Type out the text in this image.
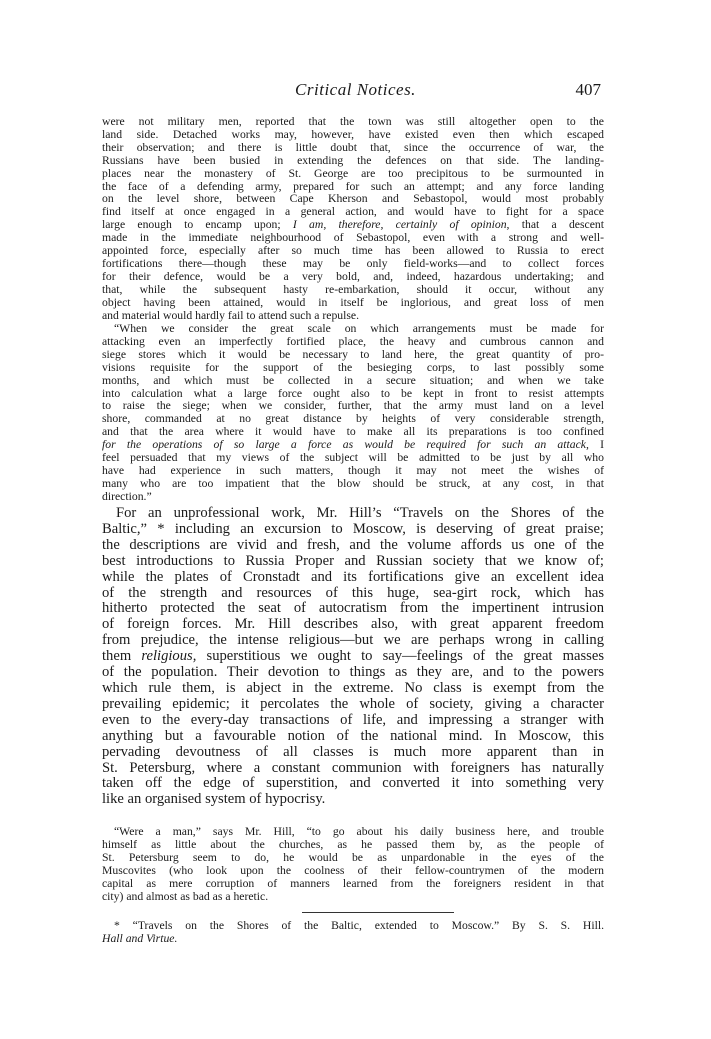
Critical Notices.	407
were not military men, reported that the town was still altogether open to the
land side. Detached works may, however, have existed even then which escaped
their observation; and there is little doubt that, since the occurrence of war, the
Russians have been busied in extending the defences on that side. The landing-
places near the monastery of St. George are too precipitous to be surmounted in
the face of a defending army, prepared for such an attempt; and any force landing
on the level shore, between Cape Kherson and Sebastopol, would most probably
find itself at once engaged in a general action, and would have to fight for a space
large enough to encamp upon; I am, therefore, certainly of opinion, that a descent
made in the immediate neighbourhood of Sebastopol, even with a strong and well-
appointed force, especially after so much time has been allowed to Russia to erect
fortifications there—though these may be only field-works—and to collect forces
for their defence, would be a very bold, and, indeed, hazardous undertaking; and
that, while the subsequent hasty re-embarkation, should it occur, without any
object having been attained, would in itself be inglorious, and great loss of men
and material would hardly fail to attend such a repulse.
“When we consider the great scale on which arrangements must be made for
attacking even an imperfectly fortified place, the heavy and cumbrous cannon and
siege stores which it would be necessary to land here, the great quantity of pro-
visions requisite for the support of the besieging corps, to last possibly some
months, and which must be collected in a secure situation; and when we take
into calculation what a large force ought also to be kept in front to resist attempts
to raise the siege; when we consider, further, that the army must land on a level
shore, commanded at no great distance by heights of very considerable strength,
and that the area where it would have to make all its preparations is too confined
for the operations of so large a force as would be required for such an attack, I
feel persuaded that my views of the subject will be admitted to be just by all who
have had experience in such matters, though it may not meet the wishes of
many who are too impatient that the blow should be struck, at any cost, in that
direction.”
For an unprofessional work, Mr. Hill’s “Travels on the Shores of the
Baltic,” * including an excursion to Moscow, is deserving of great praise;
the descriptions are vivid and fresh, and the volume affords us one of the
best introductions to Russia Proper and Russian society that we know of;
while the plates of Cronstadt and its fortifications give an excellent idea
of the strength and resources of this huge, sea-girt rock, which has
hitherto protected the seat of autocratism from the impertinent intrusion
of foreign forces. Mr. Hill describes also, with great apparent freedom
from prejudice, the intense religious—but we are perhaps wrong in calling
them religious, superstitious we ought to say—feelings of the great masses
of the population. Their devotion to things as they are, and to the powers
which rule them, is abject in the extreme. No class is exempt from the
prevailing epidemic; it percolates the whole of society, giving a character
even to the every-day transactions of life, and impressing a stranger with
anything but a favourable notion of the national mind. In Moscow, this
pervading devoutness of all classes is much more apparent than in
St. Petersburg, where a constant communion with foreigners has naturally
taken off the edge of superstition, and converted it into something very
like an organised system of hypocrisy.
“Were a man,” says Mr. Hill, “to go about his daily business here, and trouble
himself as little about the churches, as he passed them by, as the people of
St. Petersburg seem to do, he would be as unpardonable in the eyes of the
Muscovites (who look upon the coolness of their fellow-countrymen of the modern
capital as mere corruption of manners learned from the foreigners resident in that
city) and almost as bad as a heretic.
* “Travels on the Shores of the Baltic, extended to Moscow.” By S. S. Hill.
Hall and Virtue.
